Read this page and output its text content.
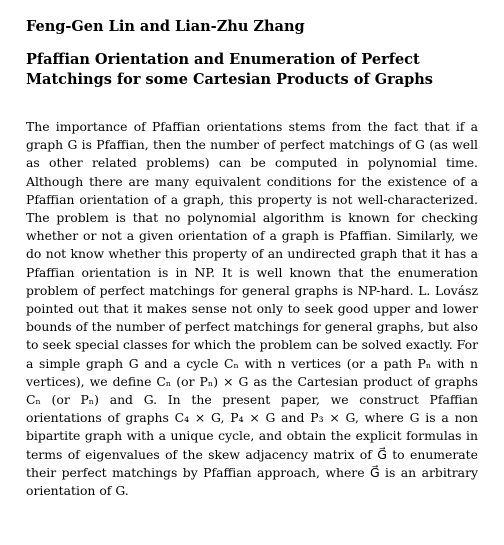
Feng-Gen Lin and Lian-Zhu Zhang
Pfaffian Orientation and Enumeration of Perfect Matchings for some Cartesian Products of Graphs

The importance of Pfaffian orientations stems from the fact that if a graph G is Pfaffian, then the number of perfect matchings of G (as well as other related problems) can be computed in polynomial time. Although there are many equivalent conditions for the existence of a Pfaffian orientation of a graph, this property is not well-characterized. The problem is that no polynomial algorithm is known for checking whether or not a given orientation of a graph is Pfaffian. Similarly, we do not know whether this property of an undirected graph that it has a Pfaffian orientation is in NP. It is well known that the enumeration problem of perfect matchings for general graphs is NP-hard. L. Lovász pointed out that it makes sense not only to seek good upper and lower bounds of the number of perfect matchings for general graphs, but also to seek special classes for which the problem can be solved exactly. For a simple graph G and a cycle Cₙ with n vertices (or a path Pₙ with n vertices), we define Cₙ (or Pₙ) × G as the Cartesian product of graphs Cₙ (or Pₙ) and G. In the present paper, we construct Pfaffian orientations of graphs C₄ × G, P₄ × G and P₃ × G, where G is a non bipartite graph with a unique cycle, and obtain the explicit formulas in terms of eigenvalues of the skew adjacency matrix of G⃗ to enumerate their perfect matchings by Pfaffian approach, where G⃗ is an arbitrary orientation of G.
